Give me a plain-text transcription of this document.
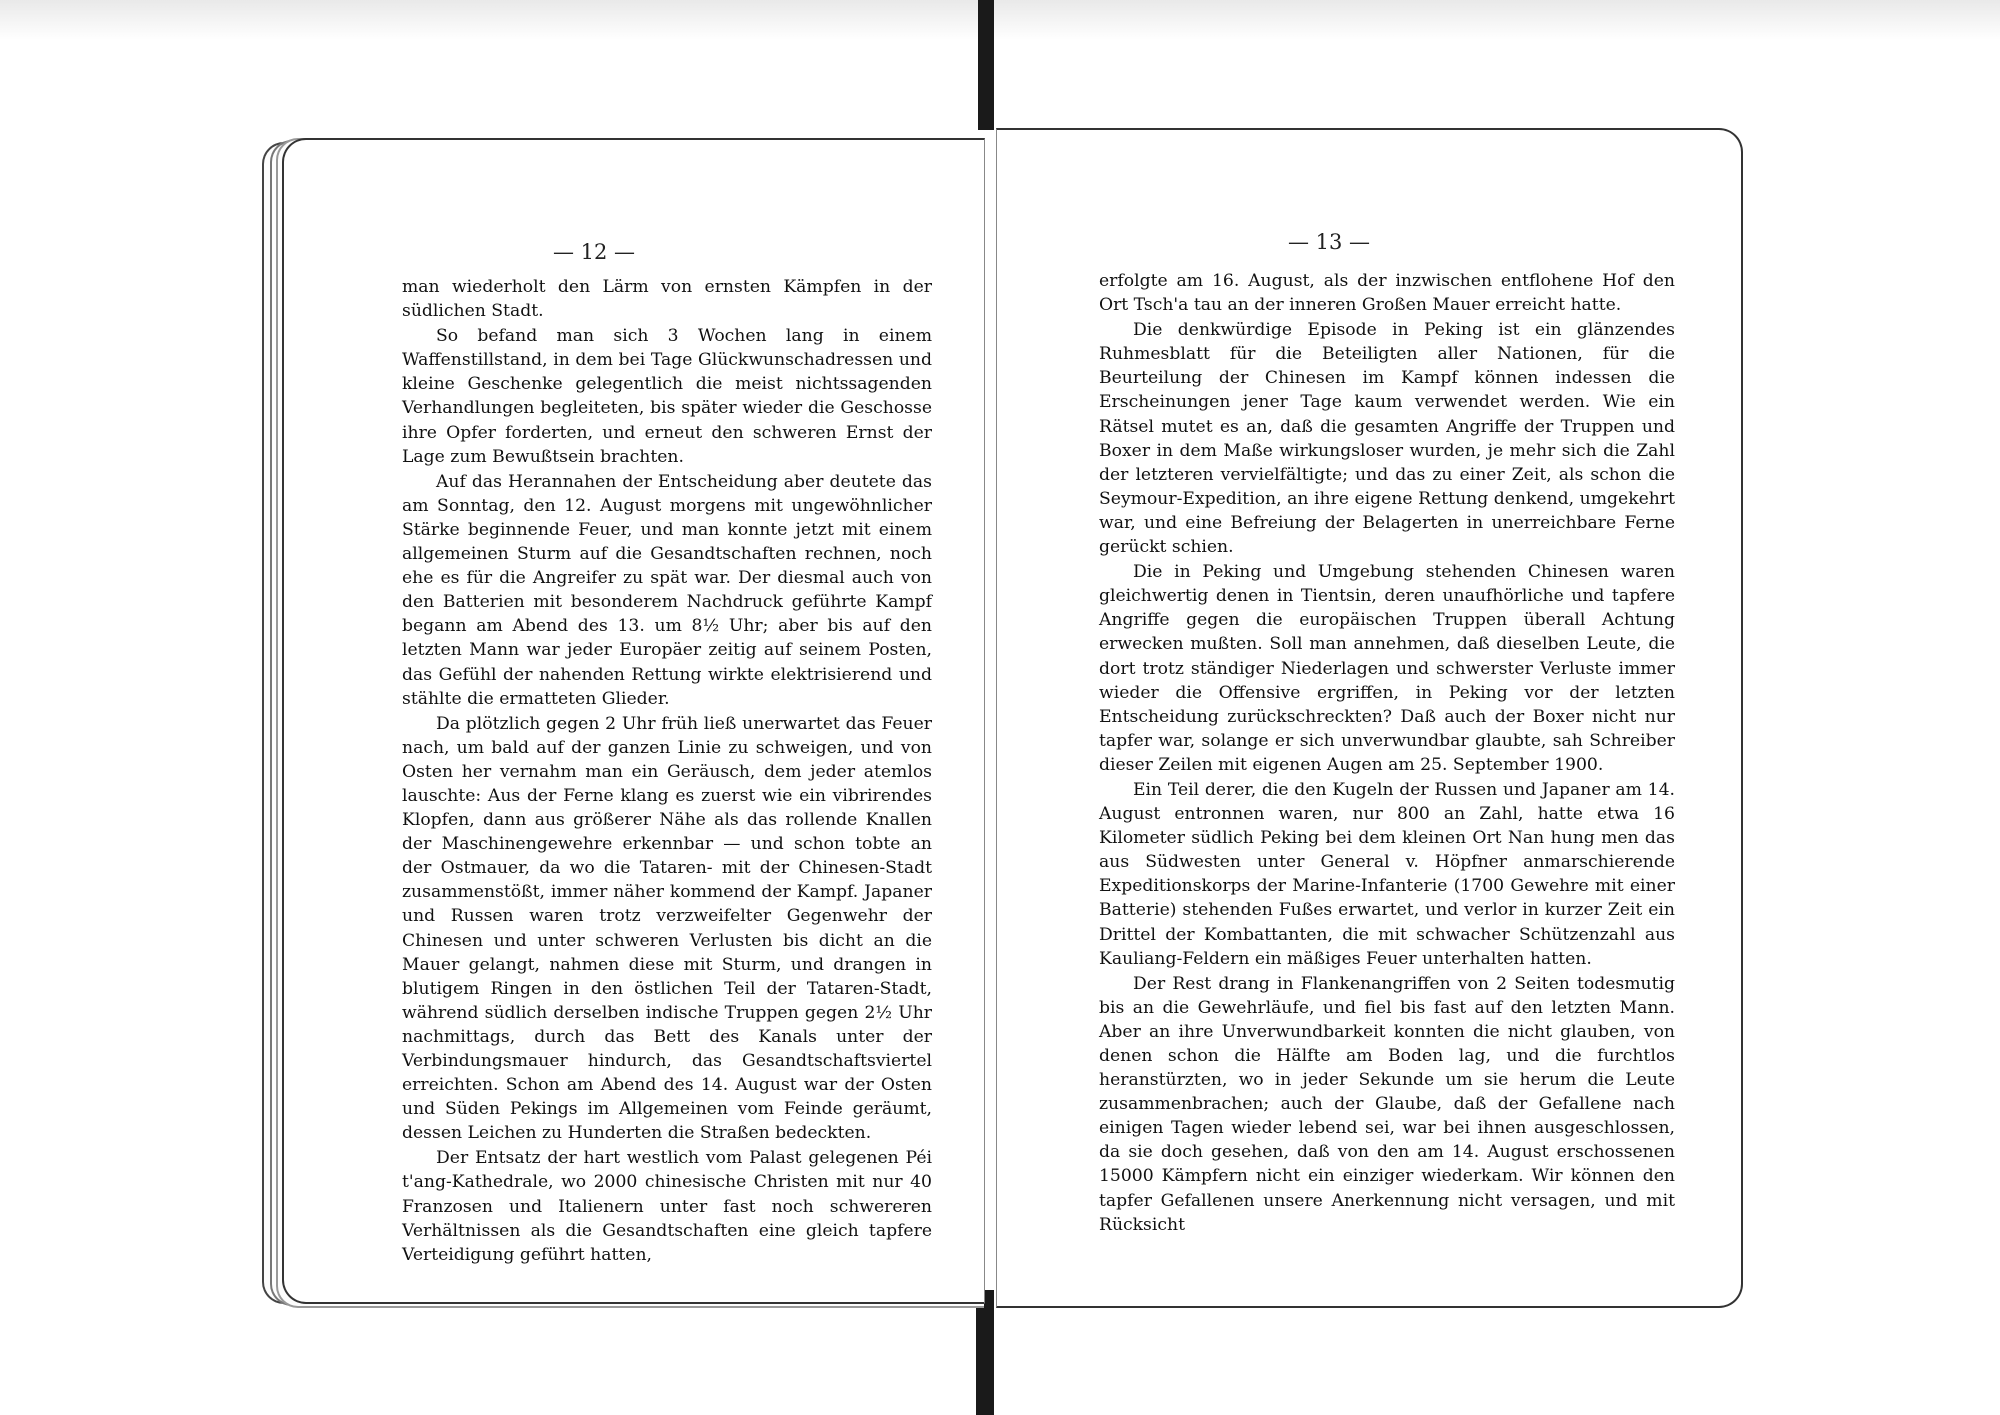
— 12 —

man wiederholt den Lärm von ernsten Kämpfen in der südlichen Stadt.

So befand man sich 3 Wochen lang in einem Waffenstillstand, in dem bei Tage Glückwunschadressen und kleine Geschenke gelegentlich die meist nichtssagenden Verhandlungen begleiteten, bis später wieder die Geschosse ihre Opfer forderten, und erneut den schweren Ernst der Lage zum Bewußtsein brachten.

Auf das Herannahen der Entscheidung aber deutete das am Sonntag, den 12. August morgens mit ungewöhnlicher Stärke beginnende Feuer, und man konnte jetzt mit einem allgemeinen Sturm auf die Gesandtschaften rechnen, noch ehe es für die Angreifer zu spät war. Der diesmal auch von den Batterien mit besonderem Nachdruck geführte Kampf begann am Abend des 13. um 8½ Uhr; aber bis auf den letzten Mann war jeder Europäer zeitig auf seinem Posten, das Gefühl der nahenden Rettung wirkte elektrisierend und stählte die ermatteten Glieder.

Da plötzlich gegen 2 Uhr früh ließ unerwartet das Feuer nach, um bald auf der ganzen Linie zu schweigen, und von Osten her vernahm man ein Geräusch, dem jeder atemlos lauschte: Aus der Ferne klang es zuerst wie ein vibrirendes Klopfen, dann aus größerer Nähe als das rollende Knallen der Maschinengewehre erkennbar — und schon tobte an der Ostmauer, da wo die Tataren- mit der Chinesen-Stadt zusammenstößt, immer näher kommend der Kampf. Japaner und Russen waren trotz verzweifelter Gegenwehr der Chinesen und unter schweren Verlusten bis dicht an die Mauer gelangt, nahmen diese mit Sturm, und drangen in blutigem Ringen in den östlichen Teil der Tataren-Stadt, während südlich derselben indische Truppen gegen 2½ Uhr nachmittags, durch das Bett des Kanals unter der Verbindungsmauer hindurch, das Gesandtschaftsviertel erreichten. Schon am Abend des 14. August war der Osten und Süden Pekings im Allgemeinen vom Feinde geräumt, dessen Leichen zu Hunderten die Straßen bedeckten.

Der Entsatz der hart westlich vom Palast gelegenen Péi t'ang-Kathedrale, wo 2000 chinesische Christen mit nur 40 Franzosen und Italienern unter fast noch schwereren Verhältnissen als die Gesandtschaften eine gleich tapfere Verteidigung geführt hatten,

— 13 —

erfolgte am 16. August, als der inzwischen entflohene Hof den Ort Tsch'a tau an der inneren Großen Mauer erreicht hatte.

Die denkwürdige Episode in Peking ist ein glänzendes Ruhmesblatt für die Beteiligten aller Nationen, für die Beurteilung der Chinesen im Kampf können indessen die Erscheinungen jener Tage kaum verwendet werden. Wie ein Rätsel mutet es an, daß die gesamten Angriffe der Truppen und Boxer in dem Maße wirkungsloser wurden, je mehr sich die Zahl der letzteren vervielfältigte; und das zu einer Zeit, als schon die Seymour-Expedition, an ihre eigene Rettung denkend, umgekehrt war, und eine Befreiung der Belagerten in unerreichbare Ferne gerückt schien.

Die in Peking und Umgebung stehenden Chinesen waren gleichwertig denen in Tientsin, deren unaufhörliche und tapfere Angriffe gegen die europäischen Truppen überall Achtung erwecken mußten. Soll man annehmen, daß dieselben Leute, die dort trotz ständiger Niederlagen und schwerster Verluste immer wieder die Offensive ergriffen, in Peking vor der letzten Entscheidung zurückschreckten? Daß auch der Boxer nicht nur tapfer war, solange er sich unverwundbar glaubte, sah Schreiber dieser Zeilen mit eigenen Augen am 25. September 1900.

Ein Teil derer, die den Kugeln der Russen und Japaner am 14. August entronnen waren, nur 800 an Zahl, hatte etwa 16 Kilometer südlich Peking bei dem kleinen Ort Nan hung men das aus Südwesten unter General v. Höpfner anmarschierende Expeditionskorps der Marine-Infanterie (1700 Gewehre mit einer Batterie) stehenden Fußes erwartet, und verlor in kurzer Zeit ein Drittel der Kombattanten, die mit schwacher Schützenzahl aus Kauliang-Feldern ein mäßiges Feuer unterhalten hatten.

Der Rest drang in Flankenangriffen von 2 Seiten todesmutig bis an die Gewehrläufe, und fiel bis fast auf den letzten Mann. Aber an ihre Unverwundbarkeit konnten die nicht glauben, von denen schon die Hälfte am Boden lag, und die furchtlos heranstürzten, wo in jeder Sekunde um sie herum die Leute zusammenbrachen; auch der Glaube, daß der Gefallene nach einigen Tagen wieder lebend sei, war bei ihnen ausgeschlossen, da sie doch gesehen, daß von den am 14. August erschossenen 15000 Kämpfern nicht ein einziger wiederkam. Wir können den tapfer Gefallenen unsere Anerkennung nicht versagen, und mit Rücksicht
